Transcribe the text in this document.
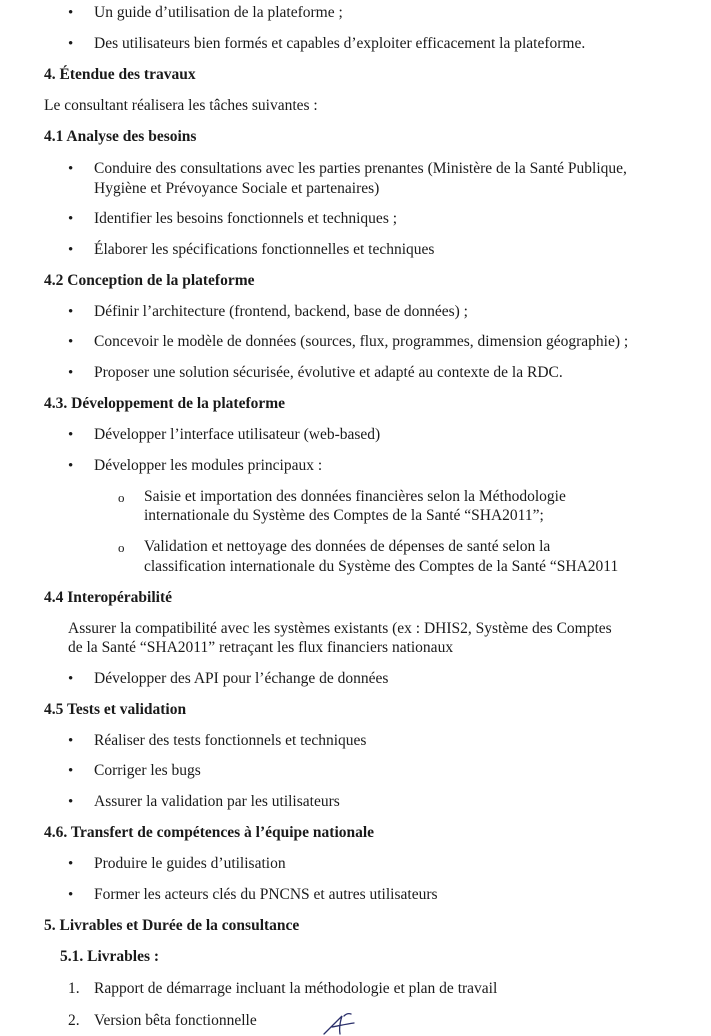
• Un guide d’utilisation de la plateforme ;
• Des utilisateurs bien formés et capables d’exploiter efficacement la plateforme.
4. Étendue des travaux
Le consultant réalisera les tâches suivantes :
4.1 Analyse des besoins
• Conduire des consultations avec les parties prenantes (Ministère de la Santé Publique,
Hygiène et Prévoyance Sociale et partenaires)
• Identifier les besoins fonctionnels et techniques ;
• Élaborer les spécifications fonctionnelles et techniques
4.2 Conception de la plateforme
• Définir l’architecture (frontend, backend, base de données) ;
• Concevoir le modèle de données (sources, flux, programmes, dimension géographie) ;
• Proposer une solution sécurisée, évolutive et adapté au contexte de la RDC.
4.3. Développement de la plateforme
• Développer l’interface utilisateur (web-based)
• Développer les modules principaux :
o Saisie et importation des données financières selon la Méthodologie
internationale du Système des Comptes de la Santé “SHA2011”;
o Validation et nettoyage des données de dépenses de santé selon la
classification internationale du Système des Comptes de la Santé “SHA2011
4.4 Interopérabilité
Assurer la compatibilité avec les systèmes existants (ex : DHIS2, Système des Comptes
de la Santé “SHA2011” retraçant les flux financiers nationaux
• Développer des API pour l’échange de données
4.5 Tests et validation
• Réaliser des tests fonctionnels et techniques
• Corriger les bugs
• Assurer la validation par les utilisateurs
4.6. Transfert de compétences à l’équipe nationale
• Produire le guides d’utilisation
• Former les acteurs clés du PNCNS et autres utilisateurs
5. Livrables et Durée de la consultance
5.1. Livrables :
1. Rapport de démarrage incluant la méthodologie et plan de travail
2. Version bêta fonctionnelle
